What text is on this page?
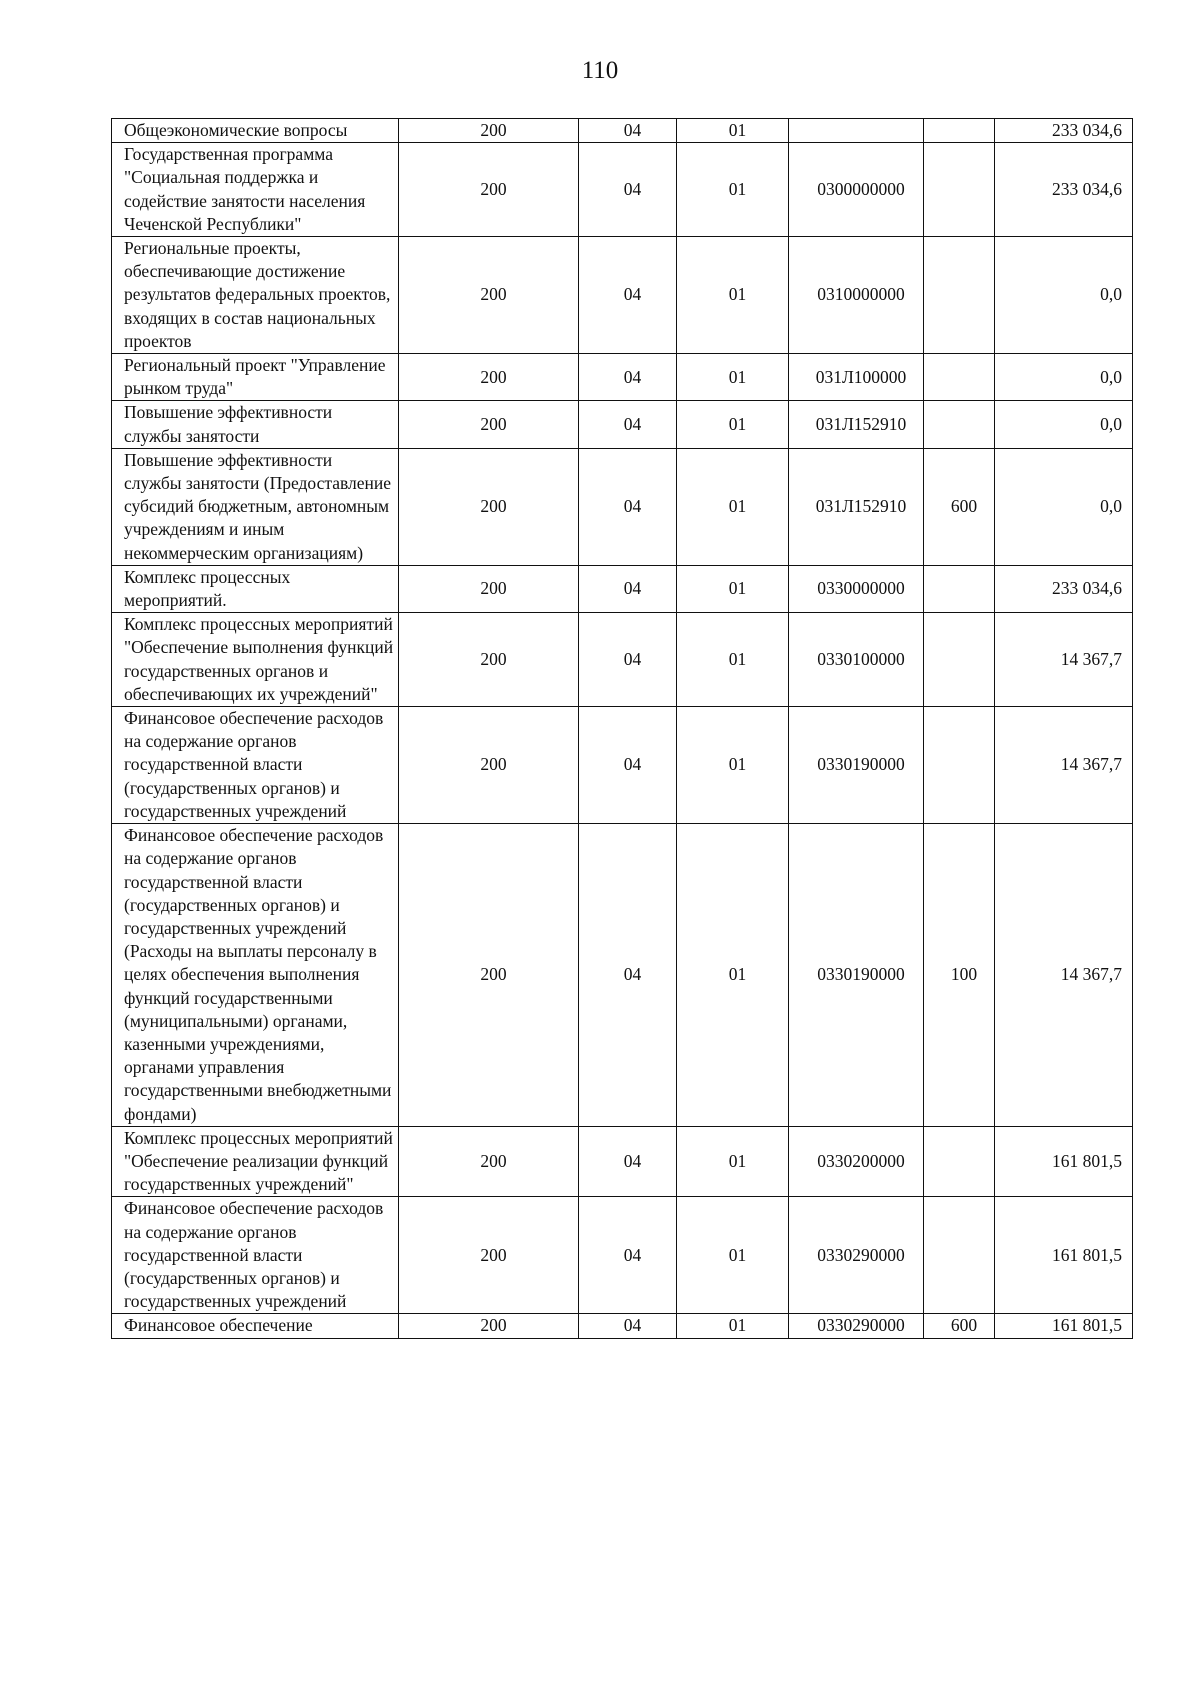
110
Общеэкономические вопросы	200	04	01			233 034,6
Государственная программа "Социальная поддержка и содействие занятости населения Чеченской Республики"	200	04	01	0300000000		233 034,6
Региональные проекты, обеспечивающие достижение результатов федеральных проектов, входящих в состав национальных проектов	200	04	01	0310000000		0,0
Региональный проект "Управление рынком труда"	200	04	01	031Л100000		0,0
Повышение эффективности службы занятости	200	04	01	031Л152910		0,0
Повышение эффективности службы занятости (Предоставление субсидий бюджетным, автономным учреждениям и иным некоммерческим организациям)	200	04	01	031Л152910	600	0,0
Комплекс процессных мероприятий.	200	04	01	0330000000		233 034,6
Комплекс процессных мероприятий "Обеспечение выполнения функций государственных органов и обеспечивающих их учреждений"	200	04	01	0330100000		14 367,7
Финансовое обеспечение расходов на содержание органов государственной власти (государственных органов) и государственных учреждений	200	04	01	0330190000		14 367,7
Финансовое обеспечение расходов на содержание органов государственной власти (государственных органов) и государственных учреждений (Расходы на выплаты персоналу в целях обеспечения выполнения функций государственными (муниципальными) органами, казенными учреждениями, органами управления государственными внебюджетными фондами)	200	04	01	0330190000	100	14 367,7
Комплекс процессных мероприятий "Обеспечение реализации функций государственных учреждений"	200	04	01	0330200000		161 801,5
Финансовое обеспечение расходов на содержание органов государственной власти (государственных органов) и государственных учреждений	200	04	01	0330290000		161 801,5
Финансовое обеспечение	200	04	01	0330290000	600	161 801,5
